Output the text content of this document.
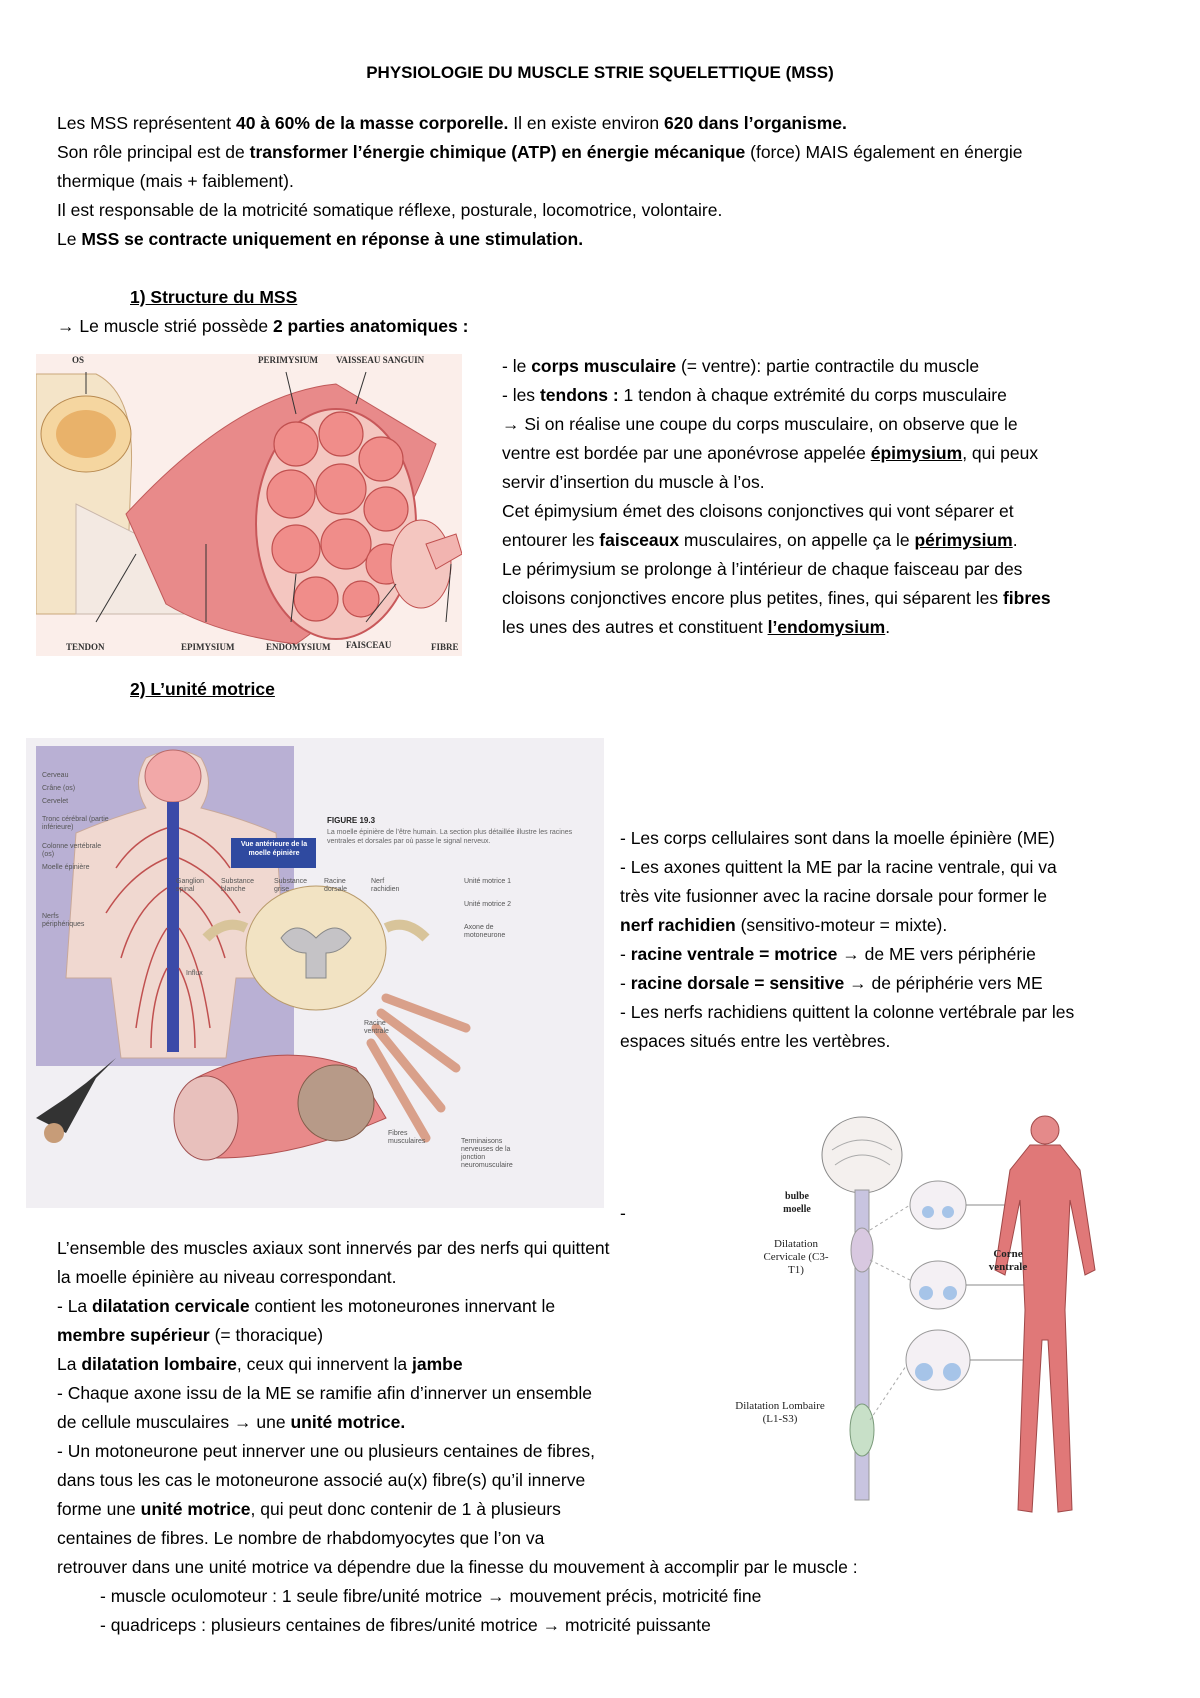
PHYSIOLOGIE DU MUSCLE STRIE SQUELETTIQUE (MSS)
Les MSS représentent 40 à 60% de la masse corporelle. Il en existe environ 620 dans l’organisme.
Son rôle principal est de transformer l’énergie chimique (ATP) en énergie mécanique (force) MAIS également en énergie
thermique (mais + faiblement).
Il est responsable de la motricité somatique réflexe, posturale, locomotrice, volontaire.
Le MSS se contracte uniquement en réponse à une stimulation.
1) Structure du MSS
→ Le muscle strié possède 2 parties anatomiques :
OS	PERIMYSIUM VAISSEAU SANGUIN
TENDON	EPIMYSIUM	ENDOMYSIUM FAISCEAU	FIBRE
- le corps musculaire (= ventre): partie contractile du muscle
- les tendons : 1 tendon à chaque extrémité du corps musculaire
→ Si on réalise une coupe du corps musculaire, on observe que le
ventre est bordée par une aponévrose appelée épimysium, qui peux
servir d’insertion du muscle à l’os.
Cet épimysium émet des cloisons conjonctives qui vont séparer et
entourer les faisceaux musculaires, on appelle ça le périmysium.
Le périmysium se prolonge à l’intérieur de chaque faisceau par des
cloisons conjonctives encore plus petites, fines, qui séparent les fibres
les unes des autres et constituent l’endomysium.
2) L’unité motrice
Cerveau
Crâne (os)
Cervelet
Tronc cérébral (partie inférieure)
Colonne vertébrale (os)
Moelle épinière
Nerfs périphériques
FIGURE 19.3
La moelle épinière de l’être humain. La section plus détaillée illustre les racines ventrales et dorsales par où passe le signal nerveux.
Vue antérieure de la moelle épinière
Ganglion spinal
Substance blanche
Substance grise
Racine dorsale
Nerf rachidien
Unité motrice 1
Unité motrice 2
Axone de motoneurone
Influx
Racine ventrale
Fibres musculaires	Terminaisons nerveuses de la jonction neuromusculaire
- Les corps cellulaires sont dans la moelle épinière (ME)
- Les axones quittent la ME par la racine ventrale, qui va
très vite fusionner avec la racine dorsale pour former le
nerf rachidien (sensitivo-moteur = mixte).
- racine ventrale = motrice → de ME vers périphérie
- racine dorsale = sensitive → de périphérie vers ME
- Les nerfs rachidiens quittent la colonne vertébrale par les
espaces situés entre les vertèbres.
-
bulbe moelle
Dilatation Cervicale (C3-T1)
Corne ventrale
Dilatation Lombaire (L1-S3)
L’ensemble des muscles axiaux sont innervés par des nerfs qui quittent
la moelle épinière au niveau correspondant.
- La dilatation cervicale contient les motoneurones innervant le
membre supérieur (= thoracique)
La dilatation lombaire, ceux qui innervent la jambe
- Chaque axone issu de la ME se ramifie afin d’innerver un ensemble
de cellule musculaires → une unité motrice.
- Un motoneurone peut innerver une ou plusieurs centaines de fibres,
dans tous les cas le motoneurone associé au(x) fibre(s) qu’il innerve
forme une unité motrice, qui peut donc contenir de 1 à plusieurs
centaines de fibres. Le nombre de rhabdomyocytes que l’on va
retrouver dans une unité motrice va dépendre due la finesse du mouvement à accomplir par le muscle :
- muscle oculomoteur : 1 seule fibre/unité motrice → mouvement précis, motricité fine
- quadriceps : plusieurs centaines de fibres/unité motrice → motricité puissante
